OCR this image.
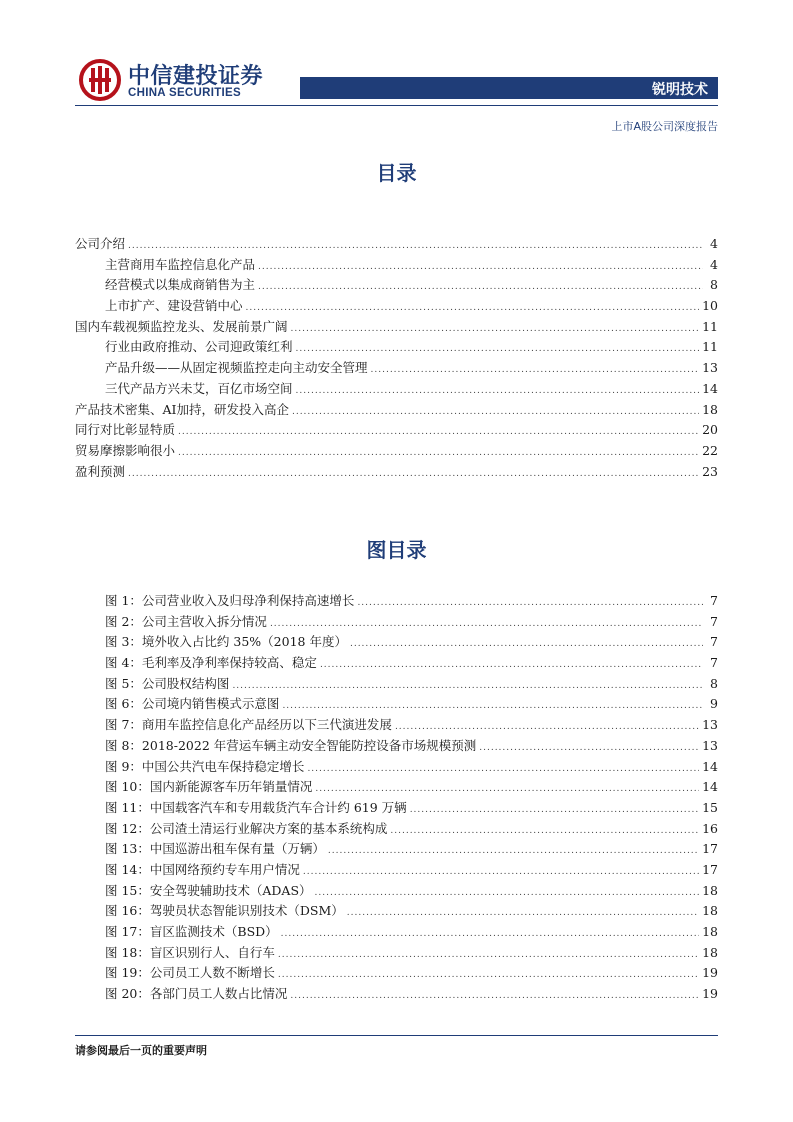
中信建投证券
CHINA SECURITIES	锐明技术
上市A股公司深度报告
目录
公司介绍 .....	4
主营商用车监控信息化产品 .....	4
经营模式以集成商销售为主 .....	8
上市扩产、建设营销中心 .....	10
国内车载视频监控龙头、发展前景广阔 .....	11
行业由政府推动、公司迎政策红利 .....	11
产品升级——从固定视频监控走向主动安全管理 .....	13
三代产品方兴未艾，百亿市场空间 .....	14
产品技术密集、AI加持，研发投入高企 .....	18
同行对比彰显特质 .....	20
贸易摩擦影响很小 .....	22
盈利预测 .....	23
图目录
图 1：公司营业收入及归母净利保持高速增长 .....	7
图 2：公司主营收入拆分情况 .....	7
图 3：境外收入占比约 35%（2018 年度） .....	7
图 4：毛利率及净利率保持较高、稳定 .....	7
图 5：公司股权结构图 .....	8
图 6：公司境内销售模式示意图 .....	9
图 7：商用车监控信息化产品经历以下三代演进发展 .....	13
图 8：2018-2022 年营运车辆主动安全智能防控设备市场规模预测 .....	13
图 9：中国公共汽电车保持稳定增长 .....	14
图 10：国内新能源客车历年销量情况 .....	14
图 11：中国载客汽车和专用载货汽车合计约 619 万辆 .....	15
图 12：公司渣土清运行业解决方案的基本系统构成 .....	16
图 13：中国巡游出租车保有量（万辆） .....	17
图 14：中国网络预约专车用户情况 .....	17
图 15：安全驾驶辅助技术（ADAS） .....	18
图 16：驾驶员状态智能识别技术（DSM） .....	18
图 17：盲区监测技术（BSD） .....	18
图 18：盲区识别行人、自行车 .....	18
图 19：公司员工人数不断增长 .....	19
图 20：各部门员工人数占比情况 .....	19
请参阅最后一页的重要声明
